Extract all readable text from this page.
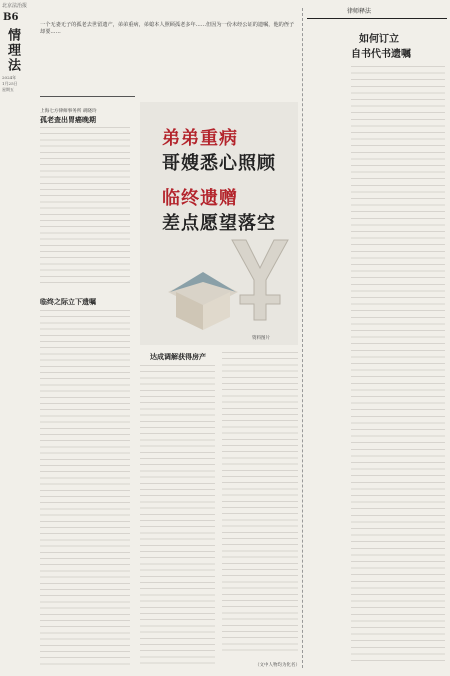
北京法治报
B6
情理法
2024年
1月25日
星期五
一个无妻无子的孤老去世留遗产，弟弟重病，弟媳本人照顾孤老多年……但因为一份未经公证的遗嘱，他的侄子却要……
上海七方律师事务所 胡晓玲
孤老查出胃癌晚期
临终之际立下遗嘱
弟弟重病
哥嫂悉心照顾
临终遗赠
差点愿望落空
资料图片
达成调解获得房产
（文中人物均为化名）
律师释法
如何订立
自书代书遗嘱
